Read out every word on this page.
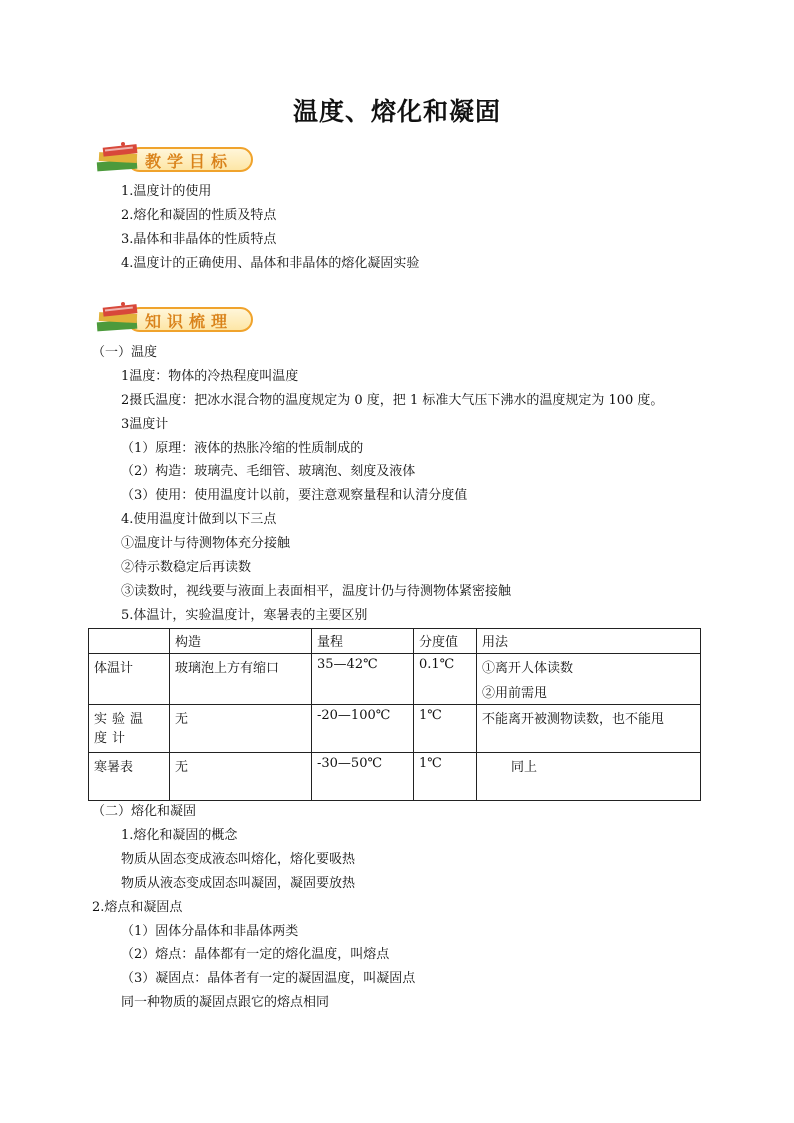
温度、熔化和凝固
教学目标
1.温度计的使用
2.熔化和凝固的性质及特点
3.晶体和非晶体的性质特点
4.温度计的正确使用、晶体和非晶体的熔化凝固实验
知识梳理
（一）温度
1温度：物体的冷热程度叫温度
2摄氏温度：把冰水混合物的温度规定为 0 度，把 1 标准大气压下沸水的温度规定为 100 度。
3温度计
（1）原理：液体的热胀冷缩的性质制成的
（2）构造：玻璃壳、毛细管、玻璃泡、刻度及液体
（3）使用：使用温度计以前，要注意观察量程和认清分度值
4.使用温度计做到以下三点
①温度计与待测物体充分接触
②待示数稳定后再读数
③读数时，视线要与液面上表面相平，温度计仍与待测物体紧密接触
5.体温计，实验温度计，寒暑表的主要区别
	构造	量程	分度值	用法
体温计	玻璃泡上方有缩口	35—42℃	0.1℃	①离开人体读数
②用前需甩

实验温度计	无	-20—100℃	1℃	不能离开被测物读数，也不能甩
寒暑表	无	-30—50℃	1℃	同上
（二）熔化和凝固
1.熔化和凝固的概念
物质从固态变成液态叫熔化，熔化要吸热
物质从液态变成固态叫凝固，凝固要放热
2.熔点和凝固点
（1）固体分晶体和非晶体两类
（2）熔点：晶体都有一定的熔化温度，叫熔点
（3）凝固点：晶体者有一定的凝固温度，叫凝固点
同一种物质的凝固点跟它的熔点相同
